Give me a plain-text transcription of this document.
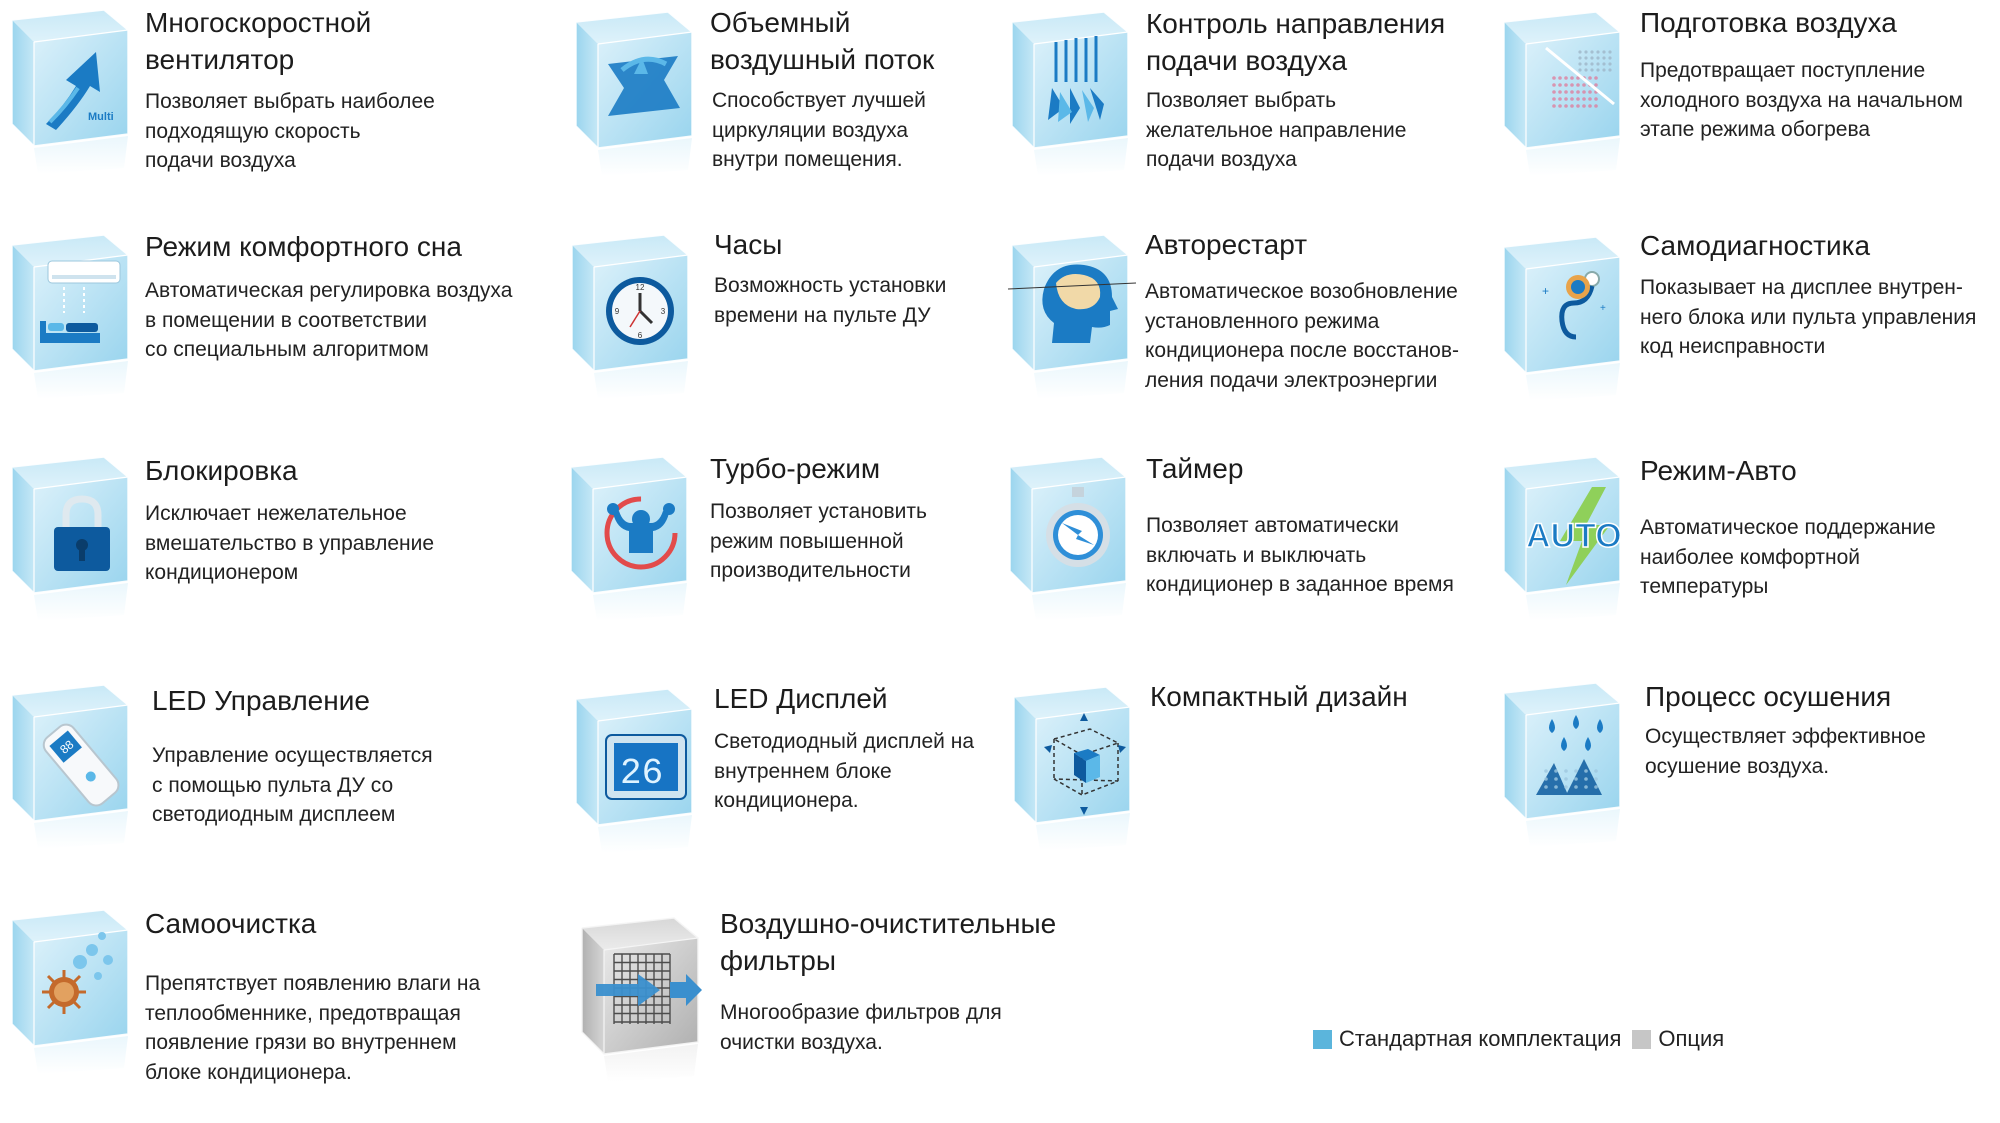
Multi
Многоскоростной
вентилятор
Позволяет выбрать наиболее
подходящую скорость
подачи воздуха
Объемный
воздушный поток
Способствует лучшей
циркуляции воздуха
внутри помещения.
Контроль направления
подачи воздуха
Позволяет выбрать
желательное направление
подачи воздуха
Подготовка воздуха
Предотвращает поступление
холодного воздуха на начальном
этапе режима обогрева
Режим комфортного сна
Автоматическая регулировка воздуха
в помещении в соответствии
со специальным алгоритмом
12
3
6
9
Часы
Возможность установки
времени на пульте ДУ
Авторестарт
Автоматическое возобновление
установленного режима
кондиционера после восстанов-
ления подачи электроэнергии
+
+
Самодиагностика
Показывает на дисплее внутрен-
него блока или пульта управления
код неисправности
Блокировка
Исключает нежелательное
вмешательство в управление
кондиционером
Турбо-режим
Позволяет установить
режим повышенной
производительности
Таймер
Позволяет автоматически
включать и выключать
кондиционер в заданное время
AUTO
Режим-Авто
Автоматическое поддержание
наиболее комфортной
температуры
88
LED Управление
Управление осуществляется
с помощью пульта ДУ со
светодиодным дисплеем
26
LED Дисплей
Светодиодный дисплей на
внутреннем блоке
кондиционера.
Компактный дизайн	Процесс осушения
Осуществляет эффективное
осушение воздуха.
Самоочистка
Препятствует появлению влаги на
теплообменнике, предотвращая
появление грязи во внутреннем
блоке кондиционера.
Воздушно-очистительные
фильтры
Многообразие фильтров для
очистки воздуха.	Стандартная комплектация Опция
